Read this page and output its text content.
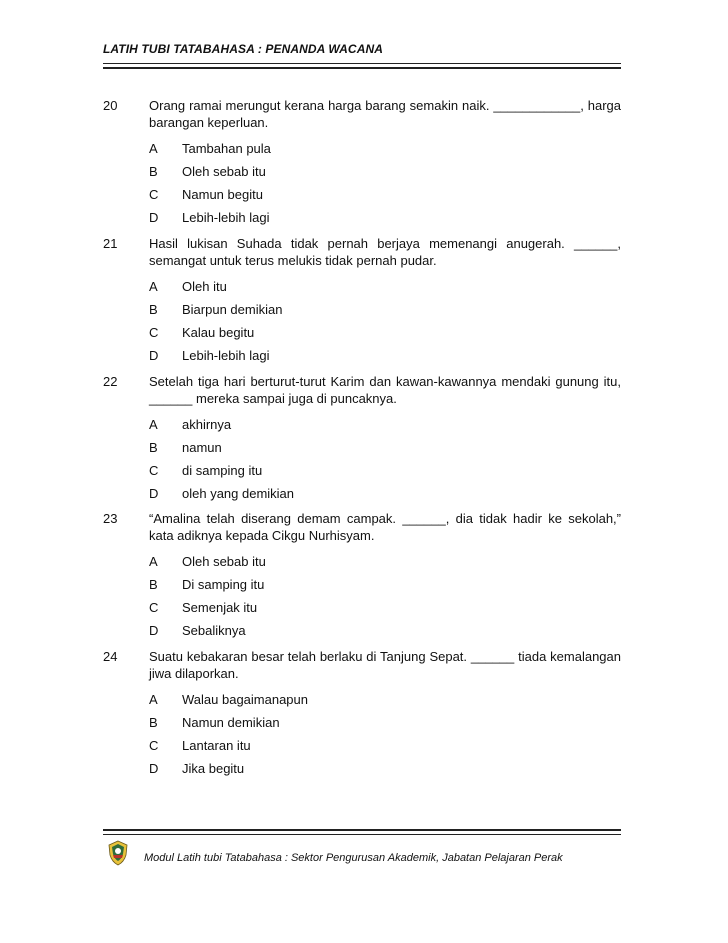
LATIH TUBI TATABAHASA : PENANDA WACANA
20	Orang ramai merungut kerana harga barang semakin naik. ____________, harga barangan keperluan.
A	Tambahan pula
B	Oleh sebab itu
C	Namun begitu
D	Lebih-lebih lagi
21	Hasil lukisan Suhada tidak pernah berjaya memenangi anugerah. ______, semangat untuk terus melukis tidak pernah pudar.
A	Oleh itu
B	Biarpun demikian
C	Kalau begitu
D	Lebih-lebih lagi
22	Setelah tiga hari berturut-turut Karim dan kawan-kawannya mendaki gunung itu, ______ mereka sampai juga di puncaknya.
A	akhirnya
B	namun
C	di samping itu
D	oleh yang demikian
23	“Amalina telah diserang demam campak. ______, dia tidak hadir ke sekolah,” kata adiknya kepada Cikgu Nurhisyam.
A	Oleh sebab itu
B	Di samping itu
C	Semenjak itu
D	Sebaliknya
24	Suatu kebakaran besar telah berlaku di Tanjung Sepat. ______ tiada kemalangan jiwa dilaporkan.
A	Walau bagaimanapun
B	Namun demikian
C	Lantaran itu
D	Jika begitu
Modul Latih tubi Tatabahasa : Sektor Pengurusan Akademik, Jabatan Pelajaran Perak
